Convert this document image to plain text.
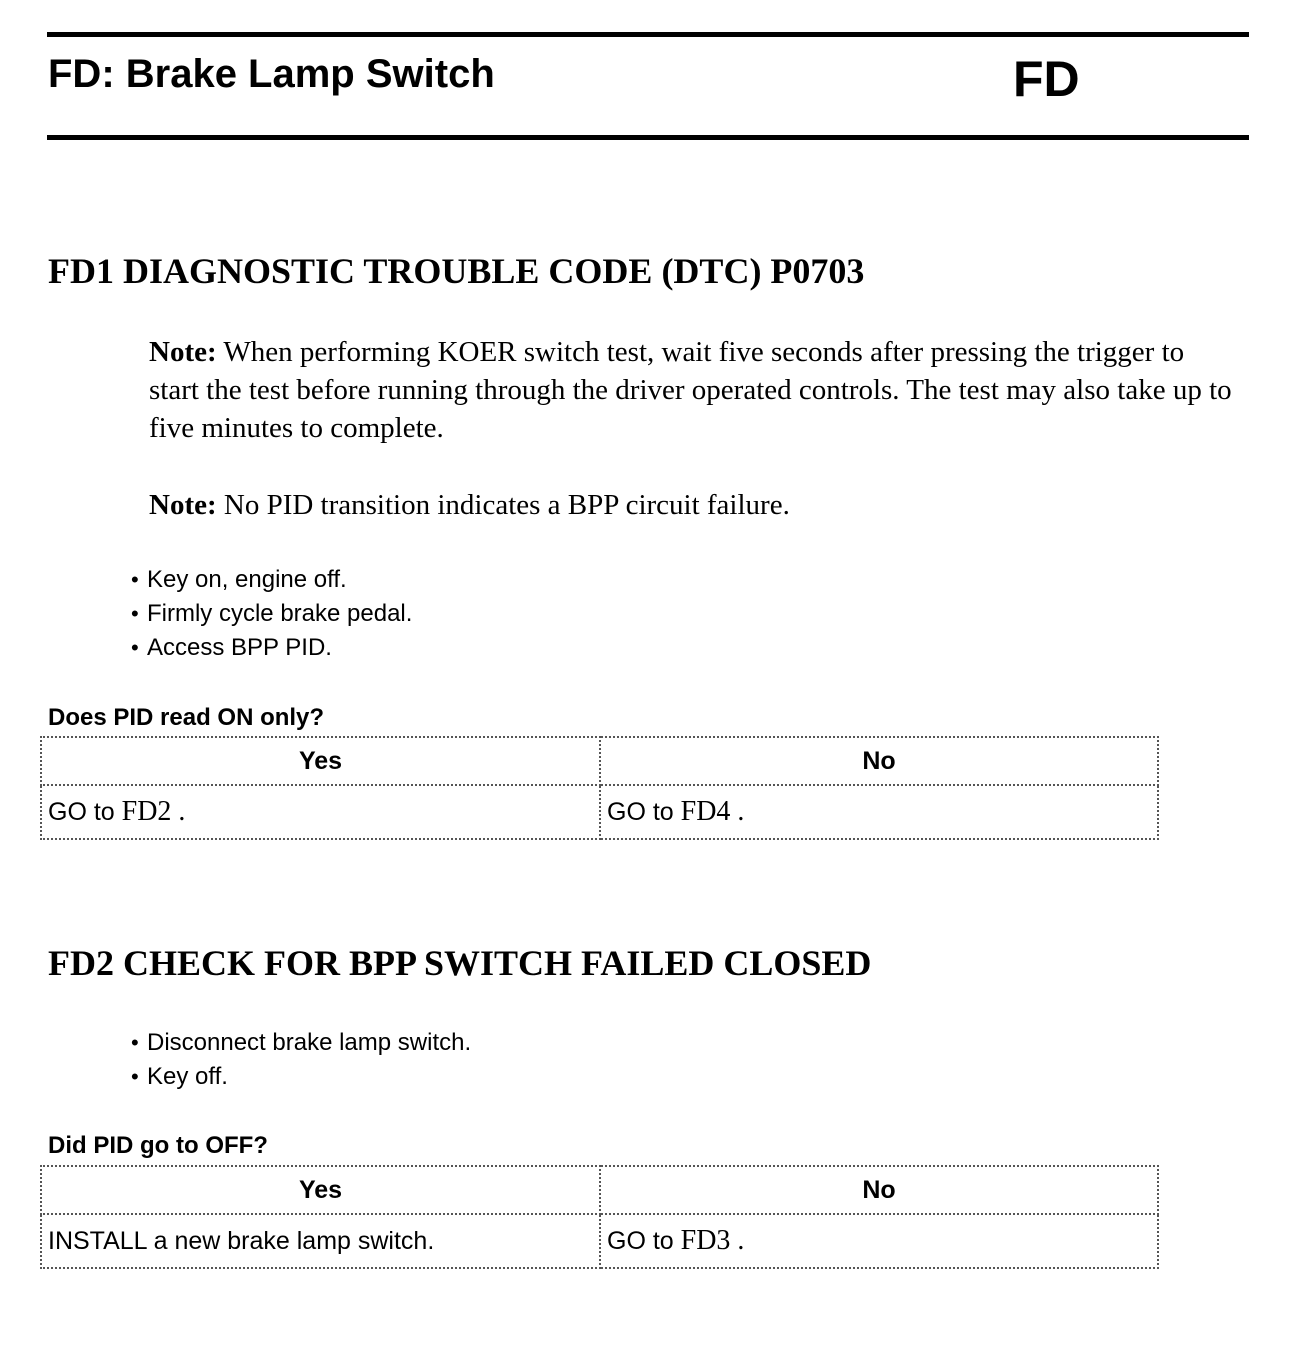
FD: Brake Lamp Switch	FD
FD1 DIAGNOSTIC TROUBLE CODE (DTC) P0703

Note: When performing KOER switch test, wait five seconds after pressing the trigger to start the test before running through the driver operated controls. The test may also take up to five minutes to complete.

Note: No PID transition indicates a BPP circuit failure.

• Key on, engine off.
• Firmly cycle brake pedal.
• Access BPP PID.

Does PID read ON only?

Yes	No
GO to FD2 .	GO to FD4 .
FD2 CHECK FOR BPP SWITCH FAILED CLOSED
• Disconnect brake lamp switch.
• Key off.

Did PID go to OFF?

Yes	No
INSTALL a new brake lamp switch.	GO to FD3 .
